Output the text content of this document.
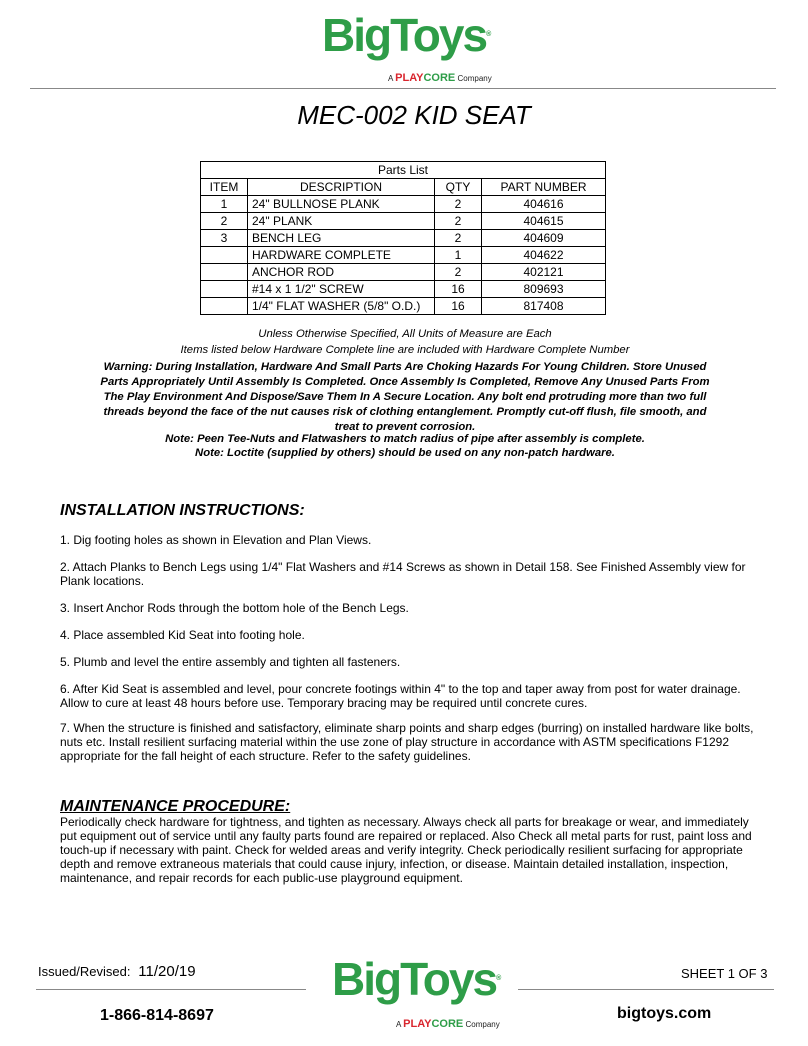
BigToys®
A PLAYCORE Company
MEC-002 KID SEAT
Parts List			
ITEM	DESCRIPTION	QTY	PART NUMBER
1	24" BULLNOSE PLANK	2	404616
2	24" PLANK	2	404615
3	BENCH LEG	2	404609
	HARDWARE COMPLETE	1	404622
	ANCHOR ROD	2	402121
	#14 x 1 1/2" SCREW	16	809693
	1/4" FLAT WASHER (5/8" O.D.)	16	817408
Unless Otherwise Specified, All Units of Measure are Each
Items listed below Hardware Complete line are included with Hardware Complete Number
Warning: During Installation, Hardware And Small Parts Are Choking Hazards For Young Children. Store Unused Parts Appropriately Until Assembly Is Completed. Once Assembly Is Completed, Remove Any Unused Parts From The Play Environment And Dispose/Save Them In A Secure Location. Any bolt end protruding more than two full threads beyond the face of the nut causes risk of clothing entanglement. Promptly cut-off flush, file smooth, and treat to prevent corrosion.
Note: Peen Tee-Nuts and Flatwashers to match radius of pipe after assembly is complete.
Note: Loctite (supplied by others) should be used on any non-patch hardware.
INSTALLATION INSTRUCTIONS:
1. Dig footing holes as shown in Elevation and Plan Views.
2. Attach Planks to Bench Legs using 1/4" Flat Washers and #14 Screws as shown in Detail 158. See Finished Assembly view for Plank locations.
3. Insert Anchor Rods through the bottom hole of the Bench Legs.
4. Place assembled Kid Seat into footing hole.
5. Plumb and level the entire assembly and tighten all fasteners.
6. After Kid Seat is assembled and level, pour concrete footings within 4" to the top and taper away from post for water drainage. Allow to cure at least 48 hours before use. Temporary bracing may be required until concrete cures.
7. When the structure is finished and satisfactory, eliminate sharp points and sharp edges (burring) on installed hardware like bolts, nuts etc. Install resilient surfacing material within the use zone of play structure in accordance with ASTM specifications F1292 appropriate for the fall height of each structure. Refer to the safety guidelines.
MAINTENANCE PROCEDURE:
Periodically check hardware for tightness, and tighten as necessary. Always check all parts for breakage or wear, and immediately put equipment out of service until any faulty parts found are repaired or replaced. Also Check all metal parts for rust, paint loss and touch-up if necessary with paint. Check for welded areas and verify integrity. Check periodically resilient surfacing for appropriate depth and remove extraneous materials that could cause injury, infection, or disease. Maintain detailed installation, inspection, maintenance, and repair records for each public-use playground equipment.
Issued/Revised: 11/20/19	SHEET 1 OF 3
BigToys®
A PLAYCORE Company
1-866-814-8697	bigtoys.com
